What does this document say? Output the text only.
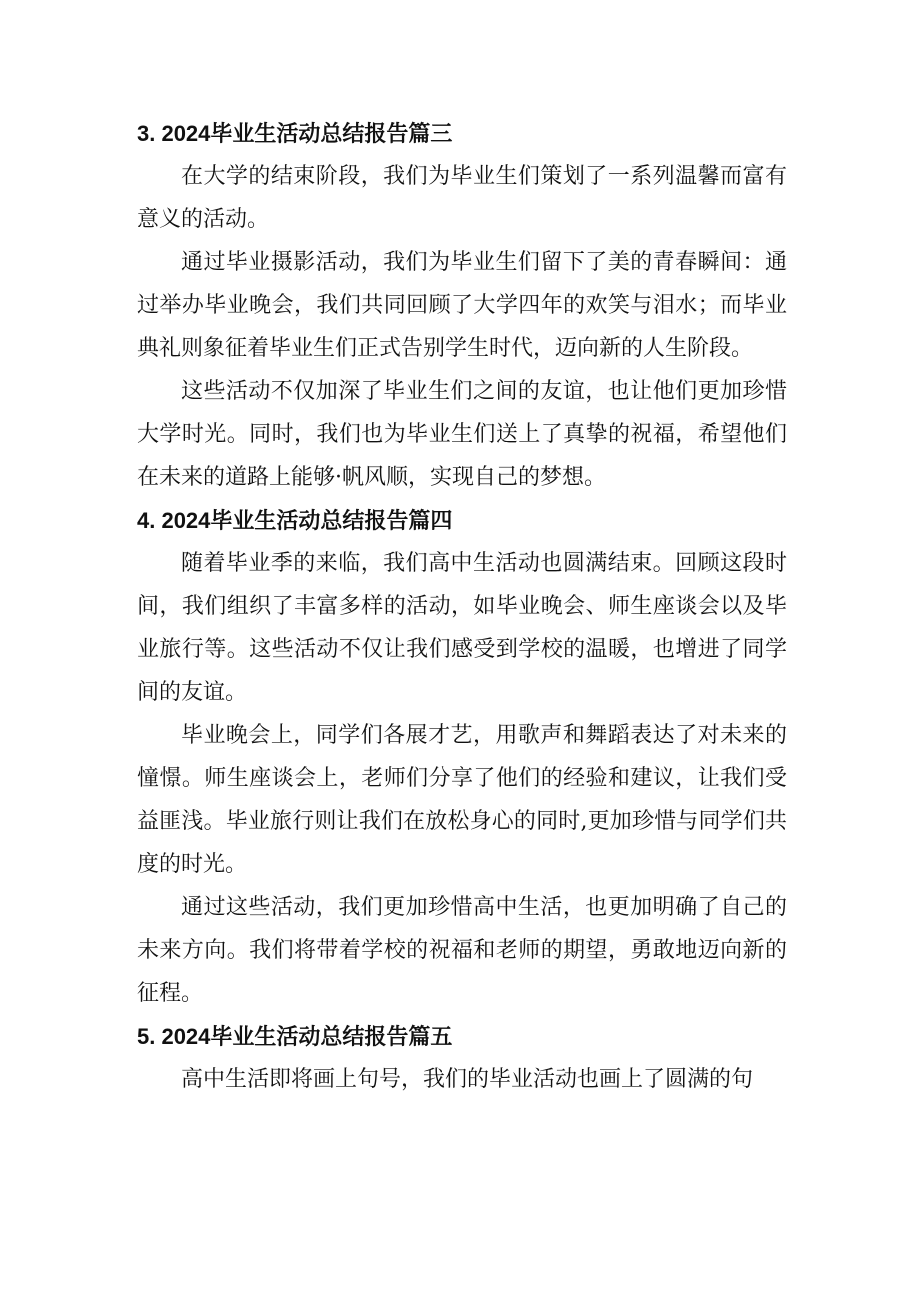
3. 2024毕业生活动总结报告篇三

在大学的结束阶段，我们为毕业生们策划了一系列温馨而富有意义的活动。

通过毕业摄影活动，我们为毕业生们留下了美的青春瞬间：通过举办毕业晚会，我们共同回顾了大学四年的欢笑与泪水；而毕业典礼则象征着毕业生们正式告别学生时代，迈向新的人生阶段。

这些活动不仅加深了毕业生们之间的友谊，也让他们更加珍惜大学时光。同时，我们也为毕业生们送上了真挚的祝福，希望他们在未来的道路上能够·帆风顺，实现自己的梦想。

4. 2024毕业生活动总结报告篇四

随着毕业季的来临，我们高中生活动也圆满结束。回顾这段时间，我们组织了丰富多样的活动，如毕业晚会、师生座谈会以及毕业旅行等。这些活动不仅让我们感受到学校的温暖，也增进了同学间的友谊。

毕业晚会上，同学们各展才艺，用歌声和舞蹈表达了对未来的憧憬。师生座谈会上，老师们分享了他们的经验和建议，让我们受益匪浅。毕业旅行则让我们在放松身心的同时,更加珍惜与同学们共度的时光。

通过这些活动，我们更加珍惜高中生活，也更加明确了自己的未来方向。我们将带着学校的祝福和老师的期望，勇敢地迈向新的征程。

5. 2024毕业生活动总结报告篇五

高中生活即将画上句号，我们的毕业活动也画上了圆满的句
